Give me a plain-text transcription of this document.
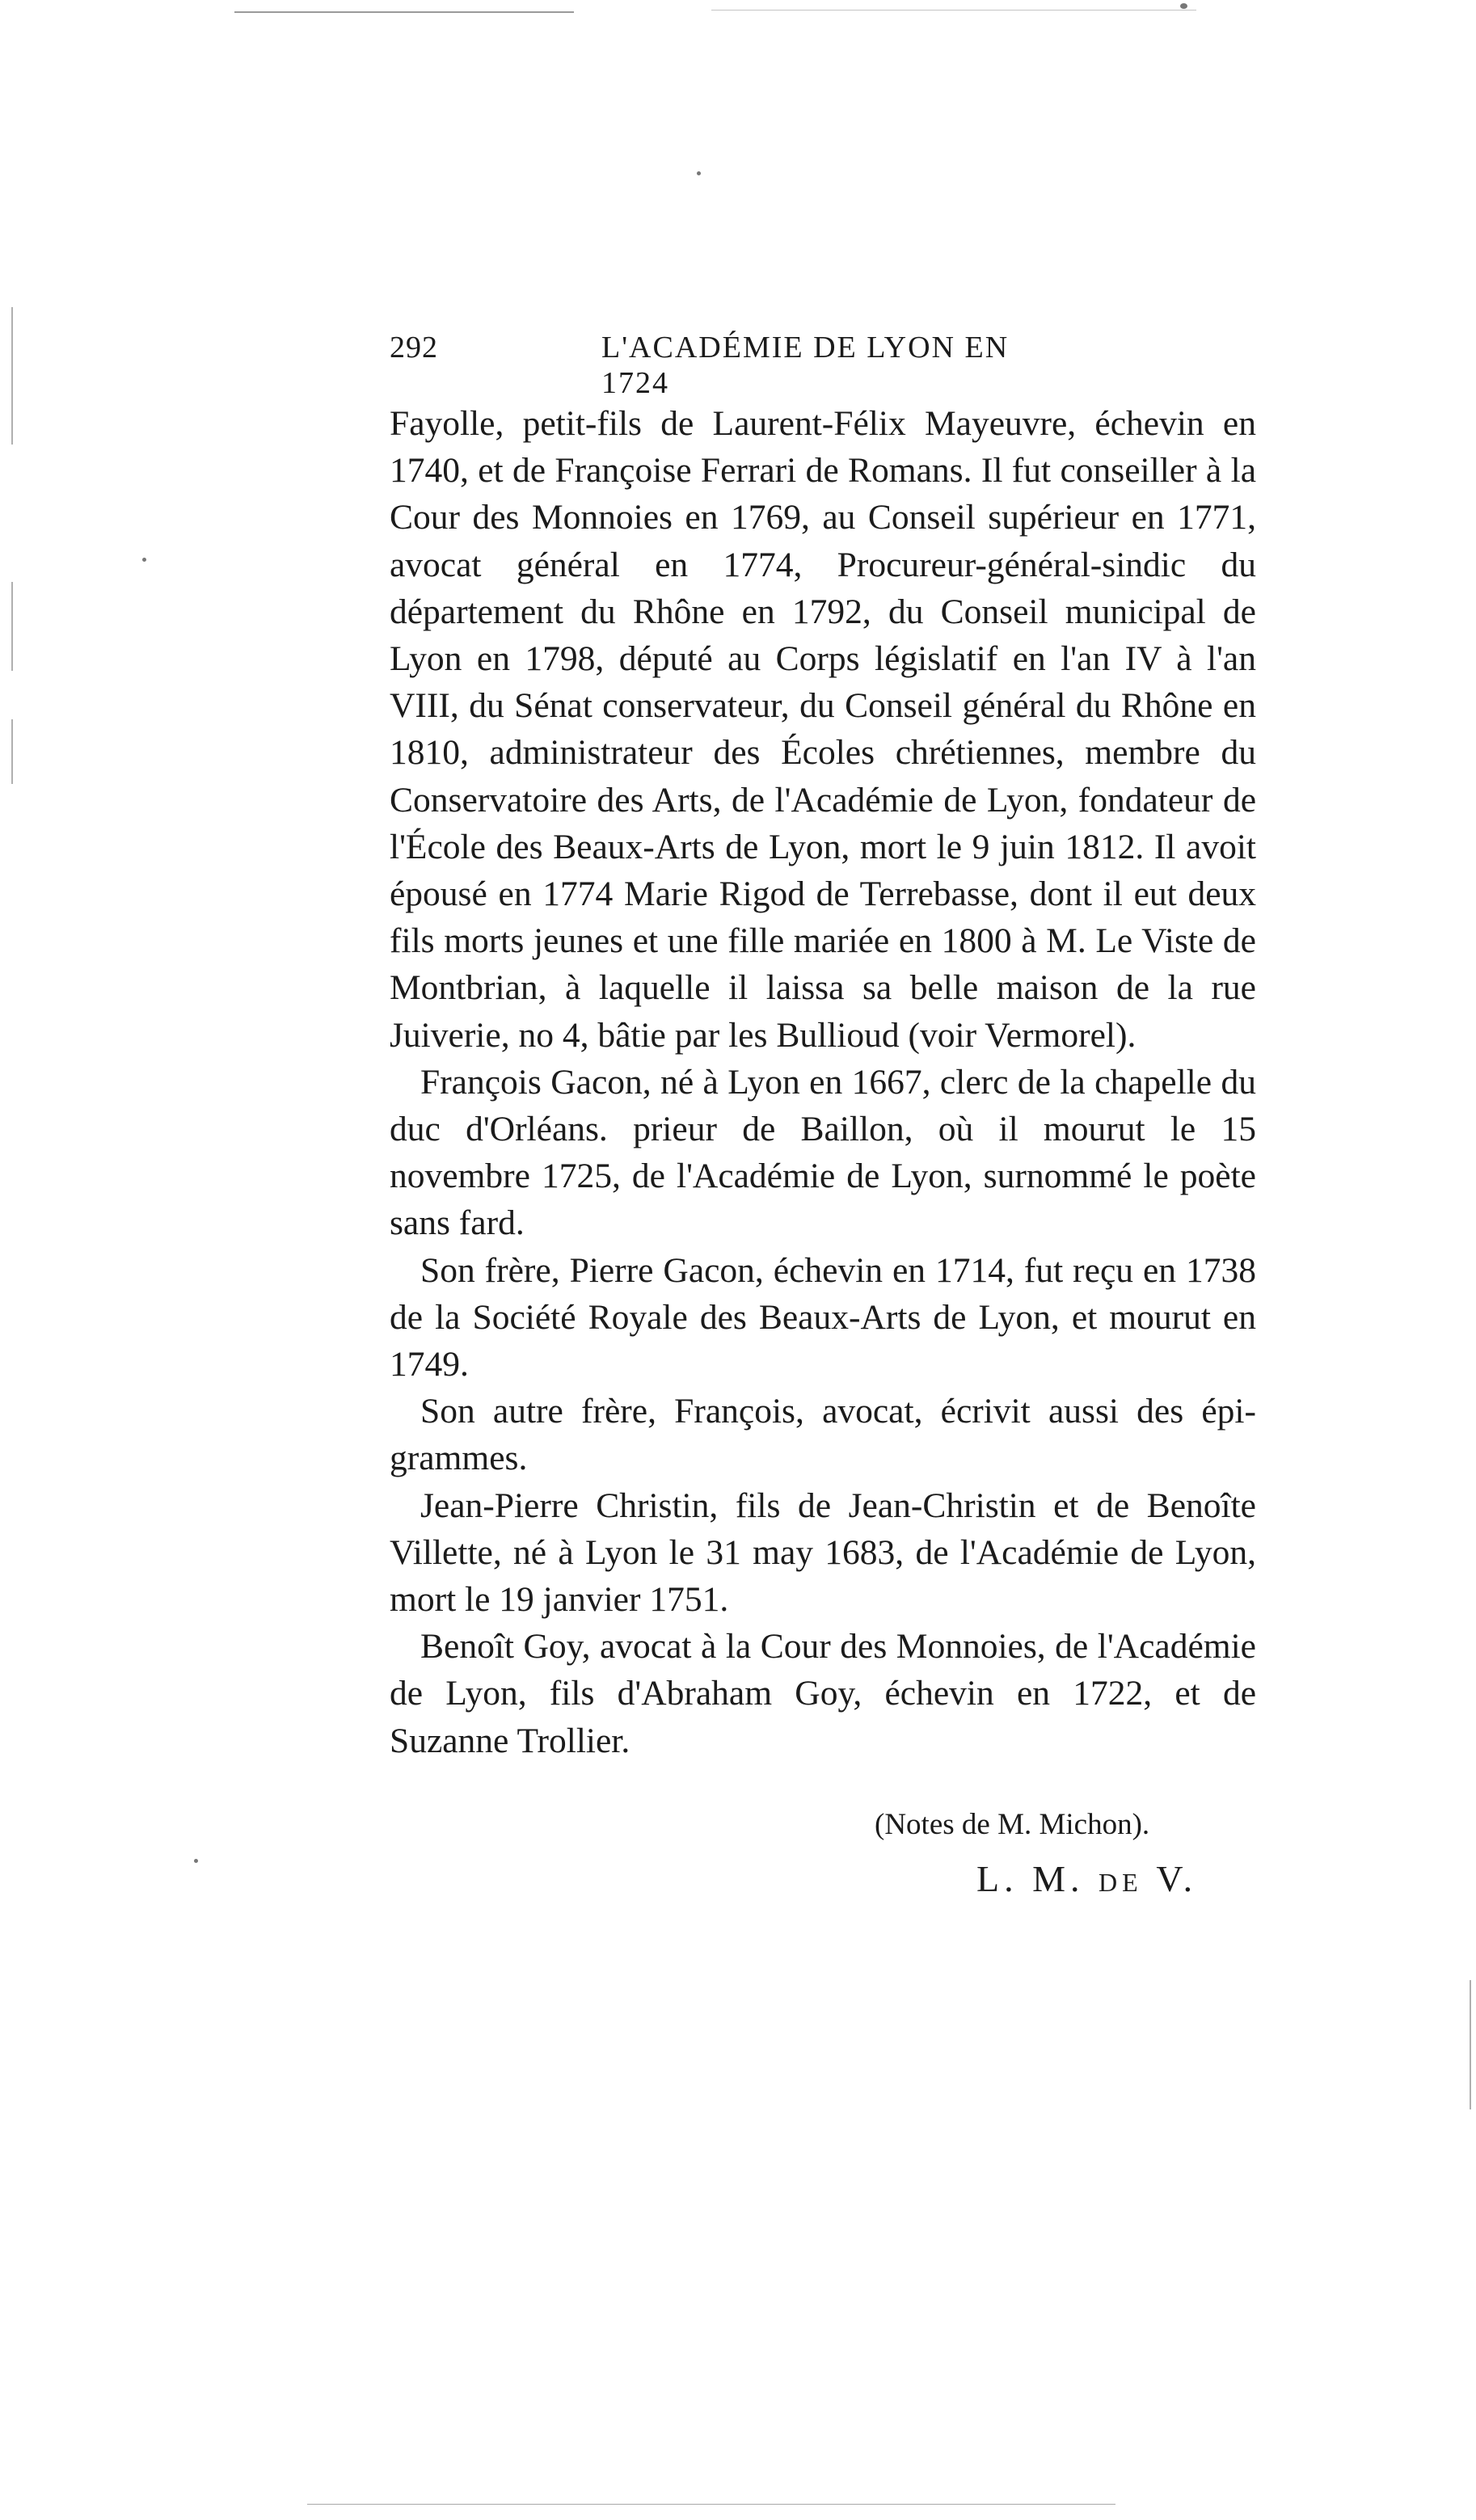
292	L'ACADÉMIE DE LYON EN 1724

Fayolle, petit-fils de Laurent-Félix Mayeuvre, échevin en 1740, et de Françoise Ferrari de Romans. Il fut conseiller à la Cour des Monnoies en 1769, au Conseil supérieur en 1771, avocat général en 1774, Procureur-général-sindic du département du Rhône en 1792, du Conseil municipal de Lyon en 1798, député au Corps législatif en l'an IV à l'an VIII, du Sénat conservateur, du Conseil général du Rhône en 1810, administrateur des Écoles chrétiennes, membre du Conservatoire des Arts, de l'Académie de Lyon, fondateur de l'École des Beaux-Arts de Lyon, mort le 9 juin 1812. Il avoit épousé en 1774 Marie Rigod de Terrebasse, dont il eut deux fils morts jeunes et une fille mariée en 1800 à M. Le Viste de Montbrian, à laquelle il laissa sa belle maison de la rue Juiverie, no 4, bâtie par les Bullioud (voir Vermorel).

François Gacon, né à Lyon en 1667, clerc de la chapelle du duc d'Orléans. prieur de Baillon, où il mourut le 15 novembre 1725, de l'Académie de Lyon, surnommé le poète sans fard.

Son frère, Pierre Gacon, échevin en 1714, fut reçu en 1738 de la Société Royale des Beaux-Arts de Lyon, et mourut en 1749.

Son autre frère, François, avocat, écrivit aussi des épigrammes.

Jean-Pierre Christin, fils de Jean-Christin et de Benoîte Villette, né à Lyon le 31 may 1683, de l'Académie de Lyon, mort le 19 janvier 1751.

Benoît Goy, avocat à la Cour des Monnoies, de l'Académie de Lyon, fils d'Abraham Goy, échevin en 1722, et de Suzanne Trollier.

(Notes de M. Michon).
L. M. de V.
